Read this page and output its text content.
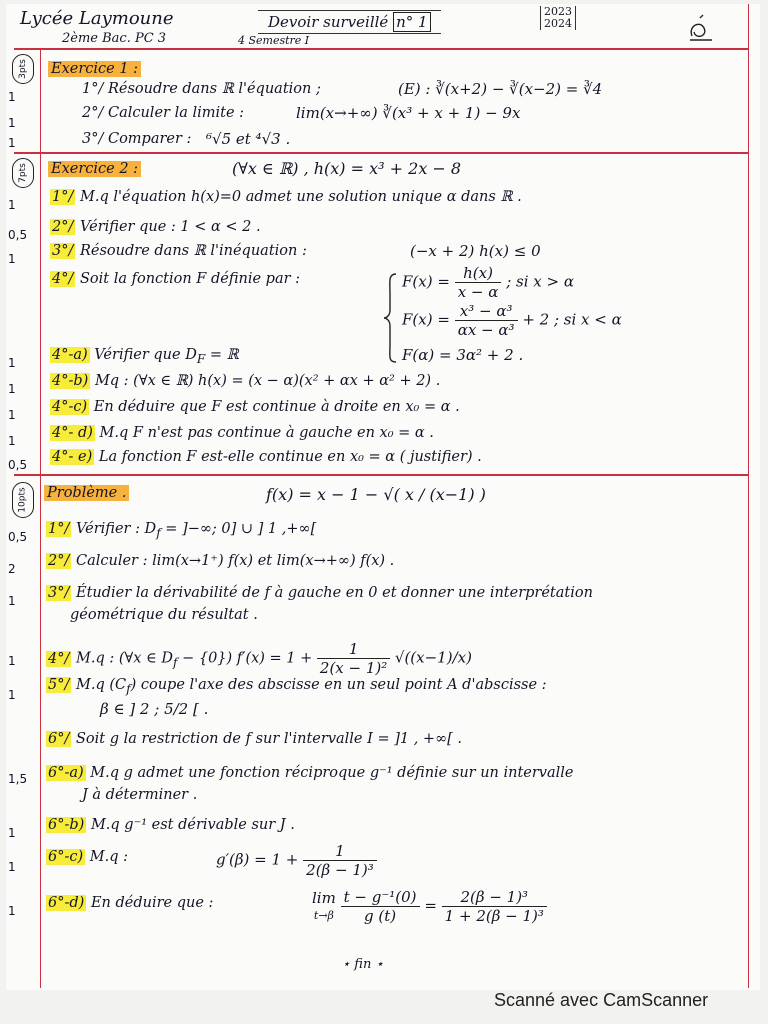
Lycée Laymoune
2ème Bac. PC 3
Devoir surveillé n° 1
4 Semestre I
2023
2024
3pts Exercice 1 :
1	1°/ Résoudre dans ℝ l'équation ;	(E) : ∛(x+2) − ∛(x−2) = ∛4
1
2°/ Calculer la limite :	lim(x→+∞) ∛(x³ + x + 1) − 9x
1	3°/ Comparer : ⁶√5 et ⁴√3 .
7pts Exercice 2 :	(∀x ∈ ℝ) , h(x) = x³ + 2x − 8
1	1°/ M.q l'équation h(x)=0 admet une solution unique α dans ℝ .
0,5 2°/ Vérifier que : 1 < α < 2 .
1	3°/ Résoudre dans ℝ l'inéquation :	(−x + 2) h(x) ≤ 0
4°/ Soit la fonction F définie par :	$F(x) = \frac{h(x)}{x - \alpha}$ ; si x > α
$F(x) = \frac{\text{x³ − α³}}{\text{αx − α³}} + 2$ ; si x < α
F(α) = 3α² + 2 .
1	4°-a) Vérifier que $D_F$ = ℝ
1	4°-b) Mq : (∀x ∈ ℝ) h(x) = (x − α)(x² + αx + α² + 2) .
1	4°-c) En déduire que F est continue à droite en x₀ = α .
1	4°- d) M.q F n'est pas continue à gauche en x₀ = α .
0,5 4°- e) La fonction F est-elle continue en x₀ = α ( justifier) .
10pts Problème .	f(x) = x − 1 − √( x / (x−1) )
0,5 1°/ Vérifier : $D_f$ = ]−∞; 0] ∪ ] 1 ,+∞[
2 2°/ Calculer : lim(x→1⁺) f(x) et lim(x→+∞) f(x) .
1 3°/ Étudier la dérivabilité de f à gauche en 0 et donner une interprétation
géométrique du résultat .
1 4°/ M.q : (∀x ∈ $D_f - \{0\}$) $f'(x) = 1 + \frac{1}{\text{2(x − 1)²}} √((x-1)/x)$
1
5°/ M.q $(C_f)$ coupe l'axe des abscisse en un seul point A d'abscisse :
β ∈ ] 2 ; 5/2 [ .
6°/ Soit g la restriction de f sur l'intervalle I = ]1 , +∞[ .
1,5 6°-a) M.q g admet une fonction réciproque g⁻¹ définie sur un intervalle
J à déterminer .
1 6°-b) M.q g⁻¹ est dérivable sur J .
1
6°-c) M.q :	$g'(\beta) = 1 + \frac{1}{\text{2(β − 1)³}}$
1 6°-d) En déduire que :	lim
t→β
$\frac{\text{t − g⁻¹(0)}}{g (t)} = \frac{\text{2(β − 1)³}}{\text{1 + 2(β − 1)³}}$
⋆ fin ⋆
Scanné avec CamScanner
